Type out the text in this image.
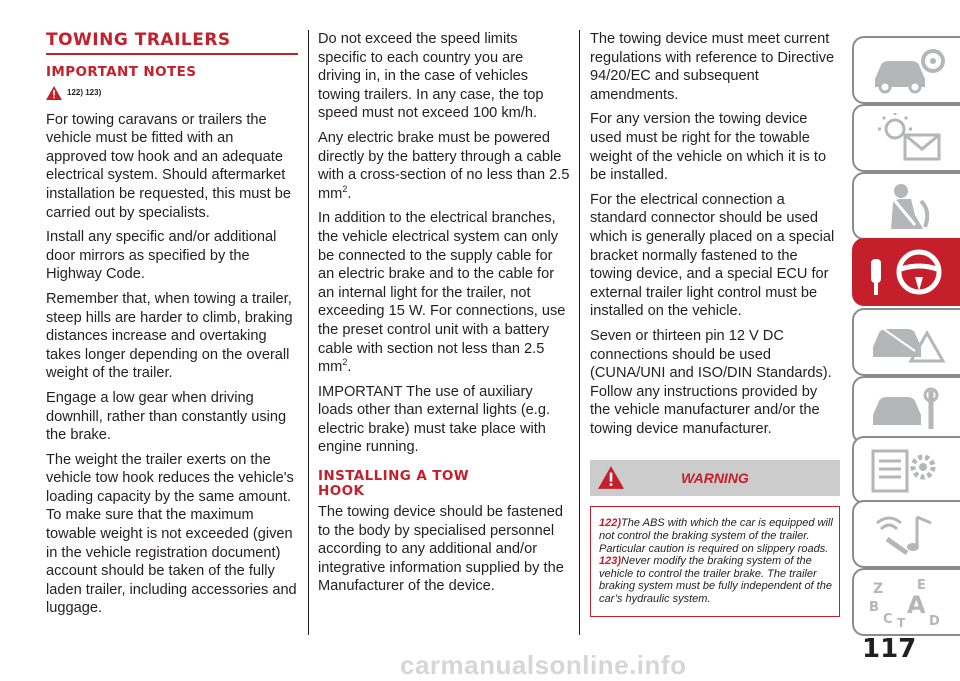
TOWING TRAILERS
IMPORTANT NOTES
122) 123)

For towing caravans or trailers the vehicle must be fitted with an approved tow hook and an adequate electrical system. Should aftermarket installation be requested, this must be carried out by specialists.

Install any specific and/or additional door mirrors as specified by the Highway Code.

Remember that, when towing a trailer, steep hills are harder to climb, braking distances increase and overtaking takes longer depending on the overall weight of the trailer.

Engage a low gear when driving downhill, rather than constantly using the brake.

The weight the trailer exerts on the vehicle tow hook reduces the vehicle's loading capacity by the same amount. To make sure that the maximum towable weight is not exceeded (given in the vehicle registration document) account should be taken of the fully laden trailer, including accessories and luggage.

Do not exceed the speed limits specific to each country you are driving in, in the case of vehicles towing trailers. In any case, the top speed must not exceed 100 km/h.

Any electric brake must be powered directly by the battery through a cable with a cross-section of no less than 2.5 $mm^2$.

In addition to the electrical branches, the vehicle electrical system can only be connected to the supply cable for an electric brake and to the cable for an internal light for the trailer, not exceeding 15 W. For connections, use the preset control unit with a battery cable with section not less than 2.5 $mm^2$.

IMPORTANT The use of auxiliary loads other than external lights (e.g. electric brake) must take place with engine running.

INSTALLING A TOW HOOK

The towing device should be fastened to the body by specialised personnel according to any additional and/or integrative information supplied by the Manufacturer of the device.

The towing device must meet current regulations with reference to Directive 94/20/EC and subsequent amendments.

For any version the towing device used must be right for the towable weight of the vehicle on which it is to be installed.

For the electrical connection a standard connector should be used which is generally placed on a special bracket normally fastened to the towing device, and a special ECU for external trailer light control must be installed on the vehicle.

Seven or thirteen pin 12 V DC connections should be used (CUNA/UNI and ISO/DIN Standards). Follow any instructions provided by the vehicle manufacturer and/or the towing device manufacturer.

WARNING
122)The ABS with which the car is equipped will not control the braking system of the trailer. Particular caution is required on slippery roads.
123)Never modify the braking system of the vehicle to control the trailer brake. The trailer braking system must be fully independent of the car’s hydraulic system.
Z	E
B A
C T D
117
carmanualsonline.info
